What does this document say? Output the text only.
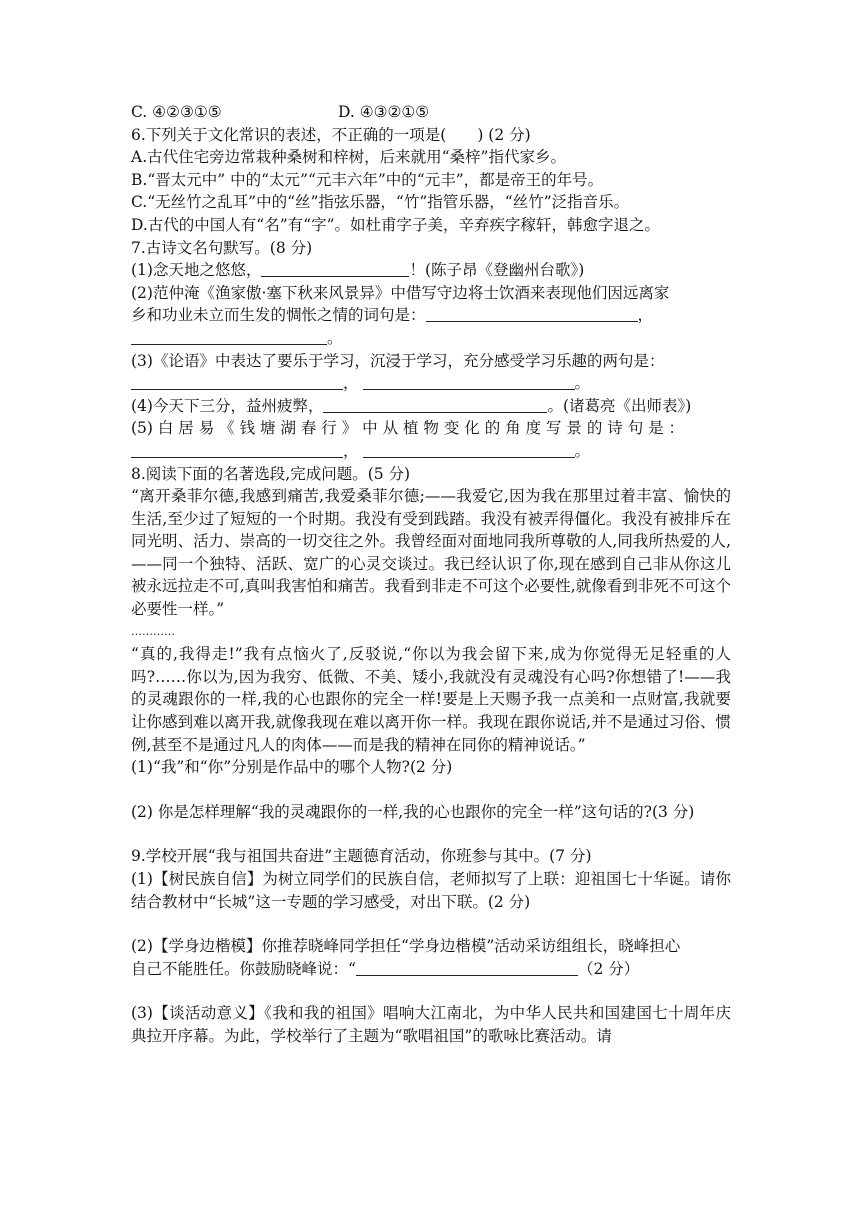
C. ④②③①⑤	D. ④③②①⑤
6.下列关于文化常识的表述，不正确的一项是(　　) (2 分)
A.古代住宅旁边常栽种桑树和梓树，后来就用“桑梓”指代家乡。
B.“晋太元中” 中的“太元”“元丰六年”中的“元丰”，都是帝王的年号。
C.“无丝竹之乱耳”中的“丝”指弦乐器，“竹”指管乐器，“丝竹”泛指音乐。
D.古代的中国人有“名”有“字”。如杜甫字子美，辛弃疾字稼轩，韩愈字退之。
7.古诗文名句默写。(8 分)
(1)念天地之悠悠，	！(陈子昂《登幽州台歌》)
(2)范仲淹《渔家傲·塞下秋来风景异》中借写守边将士饮酒来表现他们因远离家
乡和功业未立而生发的惆怅之情的词句是：	，
。
(3)《论语》中表达了要乐于学习，沉浸于学习，充分感受学习乐趣的两句是：
，	。
(4)今天下三分，益州疲弊，	。(诸葛亮《出师表》)
(5) 白 居 易 《 钱 塘 湖 春 行 》 中 从 植 物 变 化 的 角 度 写 景 的 诗 句 是 ：
，	。
8.阅读下面的名著选段,完成问题。(5 分)
“离开桑菲尔德,我感到痛苦,我爱桑菲尔德;——我爱它,因为我在那里过着丰富、愉快的生活,至少过了短短的一个时期。我没有受到践踏。我没有被弄得僵化。我没有被排斥在同光明、活力、崇高的一切交往之外。我曾经面对面地同我所尊敬的人,同我所热爱的人,——同一个独特、活跃、宽广的心灵交谈过。我已经认识了你,现在感到自己非从你这儿被永远拉走不可,真叫我害怕和痛苦。我看到非走不可这个必要性,就像看到非死不可这个必要性一样。”
…………
“真的,我得走!”我有点恼火了,反驳说,“你以为我会留下来,成为你觉得无足轻重的人吗?……你以为,因为我穷、低微、不美、矮小,我就没有灵魂没有心吗?你想错了!——我的灵魂跟你的一样,我的心也跟你的完全一样!要是上天赐予我一点美和一点财富,我就要让你感到难以离开我,就像我现在难以离开你一样。我现在跟你说话,并不是通过习俗、惯例,甚至不是通过凡人的肉体——而是我的精神在同你的精神说话。”
(1)“我”和“你”分别是作品中的哪个人物?(2 分)
(2) 你是怎样理解“我的灵魂跟你的一样,我的心也跟你的完全一样”这句话的?(3 分)
9.学校开展“我与祖国共奋进”主题德育活动，你班参与其中。(7 分)
(1)【树民族自信】为树立同学们的民族自信，老师拟写了上联：迎祖国七十华诞。请你结合教材中“长城”这一专题的学习感受，对出下联。(2 分)
(2)【学身边楷模】你推荐晓峰同学担任“学身边楷模”活动采访组组长，晓峰担心
自己不能胜任。你鼓励晓峰说：“	（2 分）
(3)【谈活动意义】《我和我的祖国》唱响大江南北，为中华人民共和国建国七十周年庆典拉开序幕。为此，学校举行了主题为“歌唱祖国”的歌咏比赛活动。请
